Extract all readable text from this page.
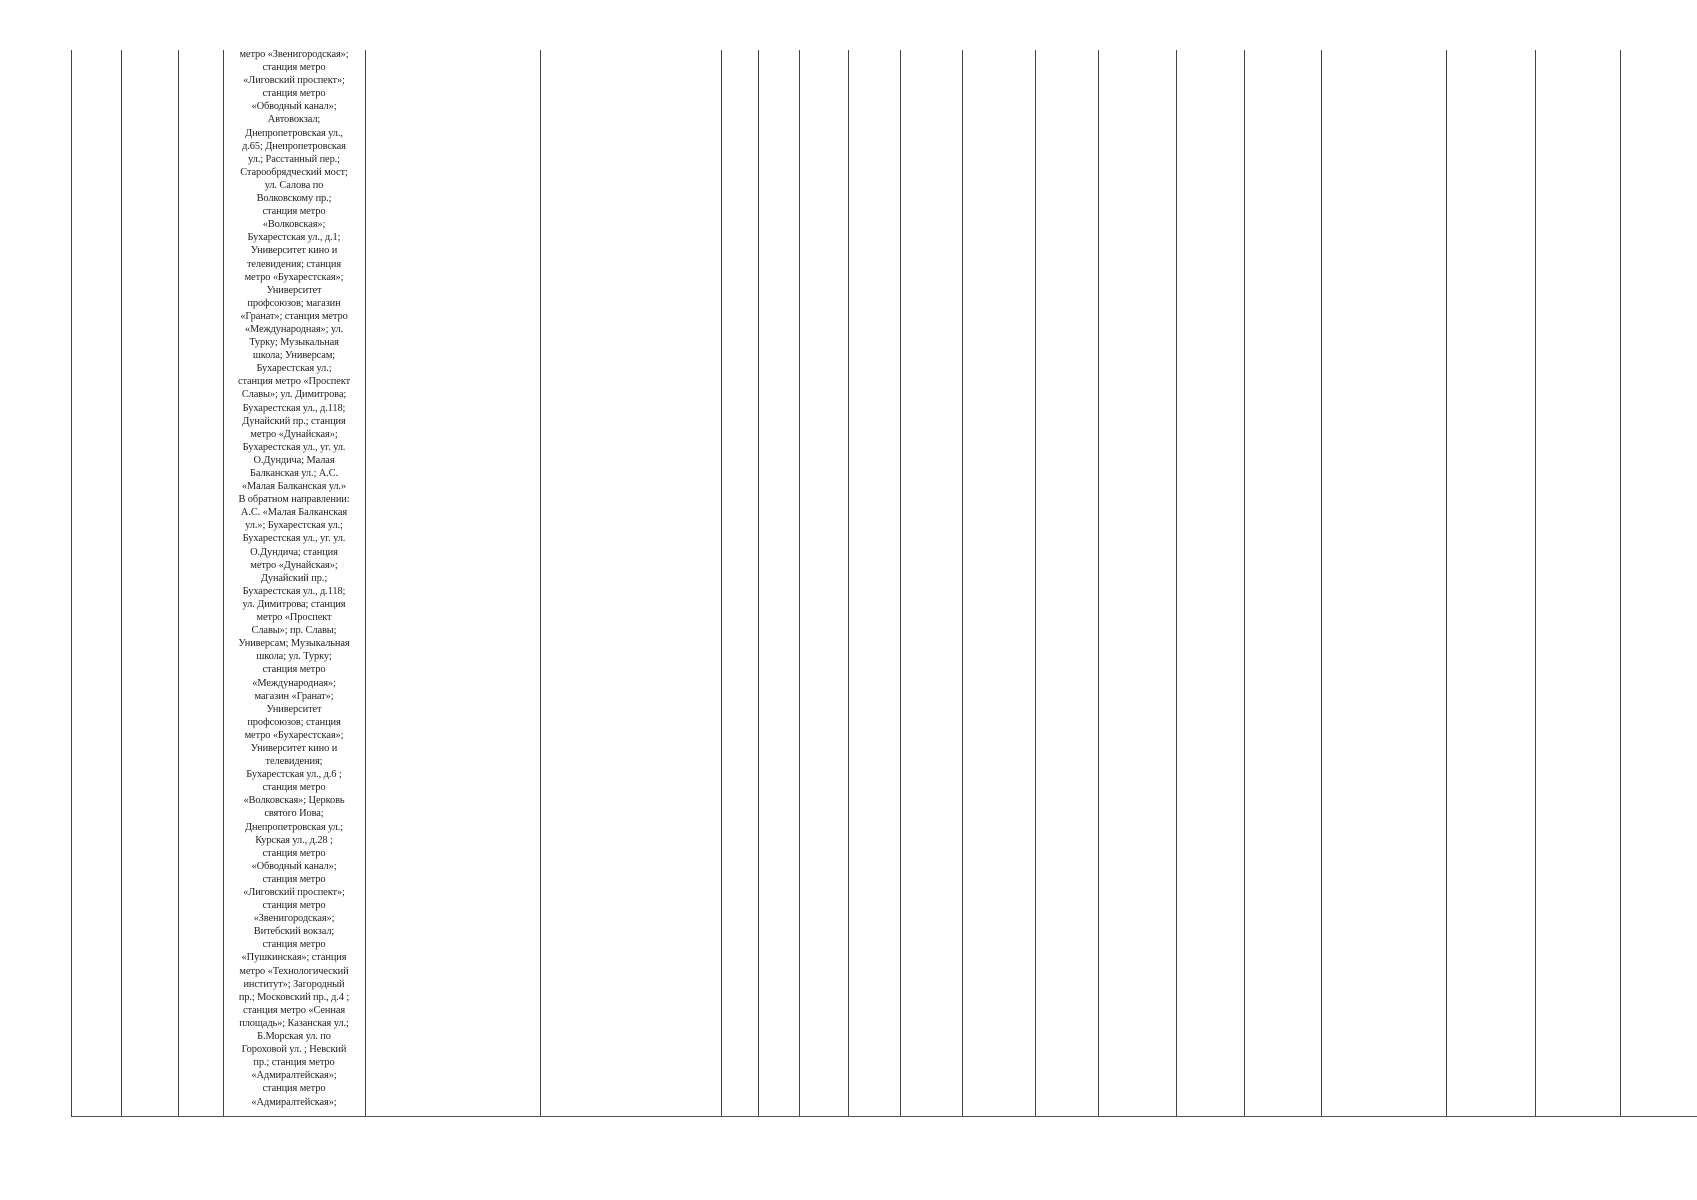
метро «Звенигородская»;
станция метро
«Лиговский проспект»;
станция метро
«Обводный канал»;
Автовокзал;
Днепропетровская ул.,
д.65; Днепропетровская
ул.; Расстанный пер.;
Старообрядческий мост;
ул. Салова по
Волковскому пр.;
станция метро
«Волковская»;
Бухарестская ул., д.1;
Университет кино и
телевидения; станция
метро «Бухарестская»;
Университет
профсоюзов; магазин
«Гранат»; станция метро
«Международная»; ул.
Турку; Музыкальная
школа; Универсам;
Бухарестская ул.;
станция метро «Проспект
Славы»; ул. Димитрова;
Бухарестская ул., д.118;
Дунайский пр.; станция
метро «Дунайская»;
Бухарестская ул., уг. ул.
О.Дундича; Малая
Балканская ул.; А.С.
«Малая Балканская ул.»
В обратном направлении:
А.С. «Малая Балканская
ул.»; Бухарестская ул.;
Бухарестская ул., уг. ул.
О.Дундича; станция
метро «Дунайская»;
Дунайский пр.;
Бухарестская ул., д.118;
ул. Димитрова; станция
метро «Проспект
Славы»; пр. Славы;
Универсам; Музыкальная
школа; ул. Турку;
станция метро
«Международная»;
магазин «Гранат»;
Университет
профсоюзов; станция
метро «Бухарестская»;
Университет кино и
телевидения;
Бухарестская ул., д.6 ;
станция метро
«Волковская»; Церковь
святого Иова;
Днепропетровская ул.;
Курская ул., д.28 ;
станция метро
«Обводный канал»;
станция метро
«Лиговский проспект»;
станция метро
«Звенигородская»;
Витебский вокзал;
станция метро
«Пушкинская»; станция
метро «Технологический
институт»; Загородный
пр.; Московский пр., д.4 ;
станция метро «Сенная
площадь»; Казанская ул.;
Б.Морская ул. по
Гороховой ул. ; Невский
пр.; станция метро
«Адмиралтейская»;
станция метро
«Адмиралтейская»;
